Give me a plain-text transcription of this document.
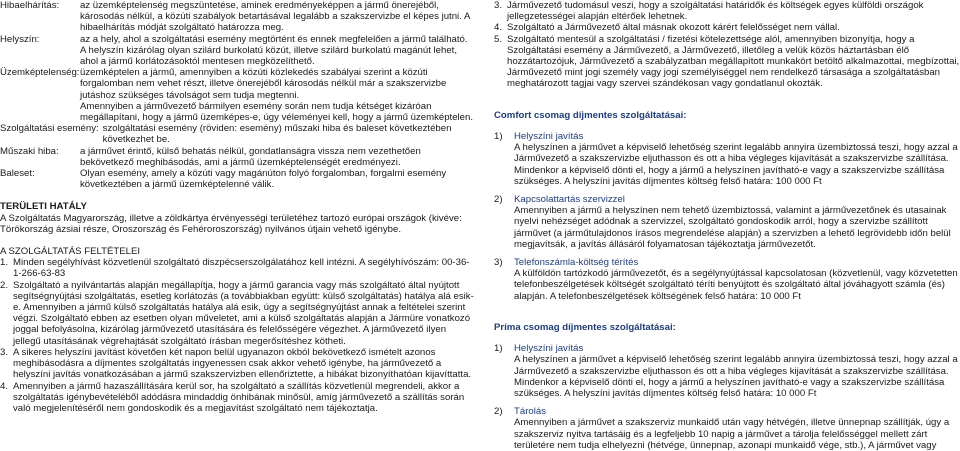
Hibaelhárítás:	az üzemképtelenség megszüntetése, aminek eredményeképpen a jármű önerejéből, károsodás nélkül, a közúti szabályok betartásával legalább a szakszervizbe el képes jutni. A hibaelhárítás módját szolgáltató határozza meg.
Helyszín:	az a hely, ahol a szolgáltatási esemény megtörtént és ennek megfelelően a jármű található.

A helyszín kizárólag olyan szilárd burkolatú közút, illetve szilárd burkolatú magánút lehet, ahol a jármű korlátozásoktól mentesen megközelíthető.

Üzemképtelenség: üzemképtelen a jármű, amennyiben a közúti közlekedés szabályai szerint a közúti forgalomban nem vehet részt, illetve önerejéből károsodás nélkül már a szakszervizbe jutáshoz szükséges távolságot sem tudja megtenni.

Amennyiben a járművezető bármilyen esemény során nem tudja kétséget kizáróan megállapítani, hogy a jármű üzemképes-e, úgy véleményei kell, hogy a jármű üzemképtelen.

Szolgáltatási esemény: szolgáltatási esemény (röviden: esemény) műszaki hiba és baleset következtében következhet be.
Műszaki hiba:	a járművet érintő, külső behatás nélkül, gondatlanságra vissza nem vezethetően bekövetkező meghibásodás, ami a jármű üzemképtelenségét eredményezi.
Baleset:	Olyan esemény, amely a közúti vagy magánúton folyó forgalomban, forgalmi esemény következtében a jármű üzemképtelenné válik.

TERÜLETI HATÁLY

A Szolgáltatás Magyarország, illetve a zöldkártya érvényességi területéhez tartozó európai országok (kivéve: Törökország ázsiai része, Oroszország és Fehéroroszország) nyilvános útjain vehető igénybe.

A SZOLGÁLTATÁS FELTÉTELEI

1. Minden segélyhívást közvetlenül szolgáltató diszpécserszolgálatához kell intézni. A segélyhívószám: 00-36-1-266-63-83
2. Szolgáltató a nyilvántartás alapján megállapítja, hogy a jármű garancia vagy más szolgáltató által nyújtott segítségnyújtási szolgáltatás, esetleg korlátozás (a továbbiakban együtt: külső szolgáltatás) hatálya alá esik-e. Amennyiben a jármű külső szolgáltatás hatálya alá esik, úgy a segítségnyújtást annak a feltételei szerint végzi. Szolgáltató ebben az esetben olyan műveletet, ami a külső szolgáltatás alapján a Jármüre vonatkozó joggal befolyásolna, kizárólag járművezető utasítására és felelősségére végezhet. A járművezető ilyen jellegű utasításának végrehajtását szolgáltató írásban megerősítéshez kötheti.
3. A sikeres helyszíni javítást követően két napon belül ugyanazon okból bekövetkező ismételt azonos meghibásodásra a díjmentes szolgáltatás ingyenessen csak akkor vehető igénybe, ha járművezető a helyszíni javítás vonatkozásában a jármű szakszervizben ellenőriztette, a hibákat bizonyíthatóan kijavíttatta.
4. Amennyiben a jármű hazaszállítására kerül sor, ha szolgáltató a szállítás közvetlenül megrendeli, akkor a szolgáltatás igénybevételéből adódásra mindaddig önhibának minősül, amíg járművezető a szállítás során való megjelenítéséről nem gondoskodik és a megjavítást szolgáltató nem tájékoztatja.
3. Járművezető tudomásul veszi, hogy a szolgáltatási határidők és költségek egyes külföldi országok jellegzetességei alapján eltérőek lehetnek.
4. Szolgáltató a Járművezető által másnak okozott kárért felelősséget nem vállal.
5. Szolgáltató mentesül a szolgáltatási / fizetési kötelezettsége alól, amennyiben bizonyítja, hogy a Szolgáltatási esemény a Járművezető, a Járművezető, illetőleg a velük közös háztartásban élő hozzátartozójuk, Járművezető a szabályzatban megállapított munkakört betöltő alkalmazottai, megbízottai, Járművezető mint jogi személy vagy jogi személyiséggel nem rendelkező társasága a szolgáltatásban meghatározott tagjai vagy szervei szándékosan vagy gondatlanul okozták.

Comfort csomag díjmentes szolgáltatásai:

1)	Helyszíni javítás

A helyszínen a járművet a képviselő lehetőség szerint legalább annyira üzembiztossá teszi, hogy azzal a Járművezető a szakszervizbe eljuthasson és ott a hiba végleges kijavítását a szakszervizbe szállítása. Mindenkor a képviselő dönti el, hogy a jármű a helyszínen javítható-e vagy a szakszervizbe szállítása szükséges. A helyszíni javítás díjmentes költség felső határa: 100 000 Ft

2)	Kapcsolattartás szervizzel

Amennyiben a jármű a helyszínen nem tehető üzembiztossá, valamint a járművezetőnek és utasainak nyelvi nehézséget adódnak a szervizzel, szolgáltató gondoskodik arról, hogy a szervizbe szállított járművet (a járműtulajdonos írásos megrendelése alapján) a szervizben a lehető legrövidebb időn belül megjavítsák, a javítás állásáról folyamatosan tájékoztatja járművezetőt.

3)	Telefonszámla-költség térítés

A külföldön tartózkodó járművezetőt, és a segélynyújtással kapcsolatosan (közvetlenül, vagy közvetetten telefonbeszélgetések költségét szolgáltató téríti benyújtott és szolgáltató által jóváhagyott számla (és) alapján. A telefonbeszélgetések költségének felső határa: 10 000 Ft

Príma csomag díjmentes szolgáltatásai:

1)	Helyszíni javítás

A helyszínen a járművet a képviselő lehetőség szerint legalább annyira üzembiztossá teszi, hogy azzal a Járművezető a szakszervizbe eljuthasson és ott a hiba végleges kijavítását a szakszervizbe szállítása. Mindenkor a képviselő dönti el, hogy a jármű a helyszínen javítható-e vagy a szakszervizbe szállítása szükséges. A helyszíni javítás díjmentes költség felső határa: 10 000 Ft

2)	Tárolás

Amennyiben a járművet a szakszerviz munkaidő után vagy hétvégén, illetve ünnepnap szállítják, úgy a szakszerviz nyitva tartásáig és a legfeljebb 10 napig a járművet a tárolja felelősséggel mellett zárt területére nem tudja elhelyezni (hétvége, ünnepnap, azonapi munkaidő vége, stb.), A járművet vagy
